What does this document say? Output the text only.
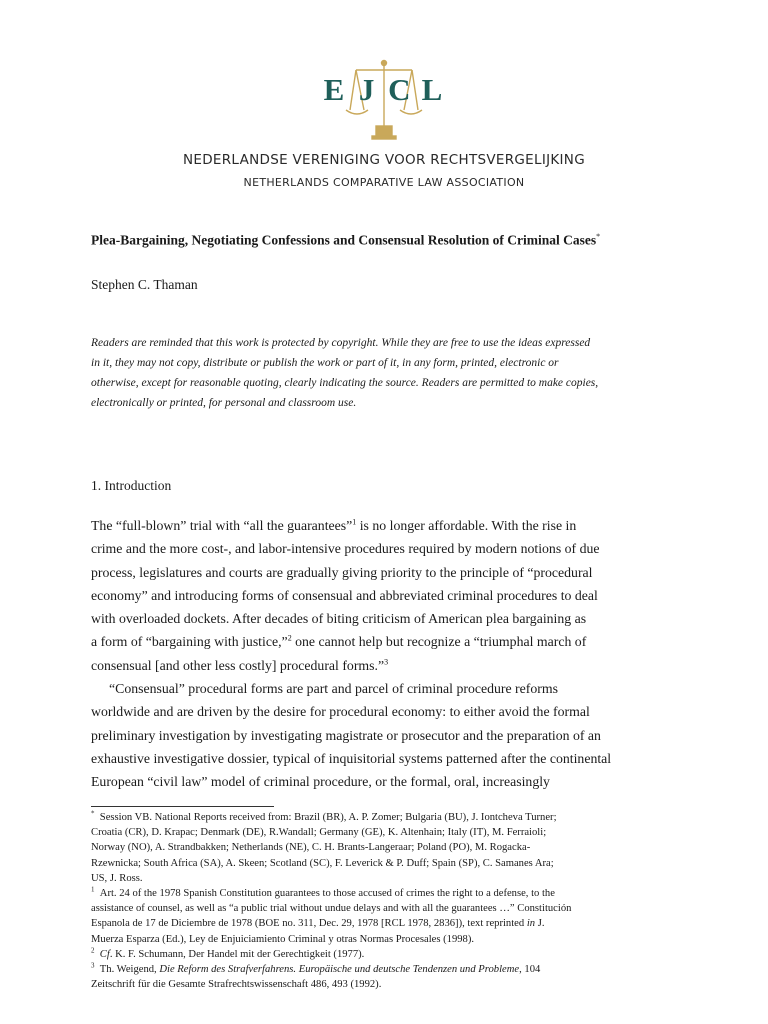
E J C L
NEDERLANDSE VERENIGING VOOR RECHTSVERGELIJKING
NETHERLANDS COMPARATIVE LAW ASSOCIATION
Plea-Bargaining, Negotiating Confessions and Consensual Resolution of Criminal Cases*
Stephen C. Thaman
Readers are reminded that this work is protected by copyright. While they are free to use the ideas expressed
in it, they may not copy, distribute or publish the work or part of it, in any form, printed, electronic or
otherwise, except for reasonable quoting, clearly indicating the source. Readers are permitted to make copies,
electronically or printed, for personal and classroom use.
1. Introduction
The “full-blown” trial with “all the guarantees”$^1$ is no longer affordable. With the rise in
crime and the more cost-, and labor-intensive procedures required by modern notions of due
process, legislatures and courts are gradually giving priority to the principle of “procedural
economy” and introducing forms of consensual and abbreviated criminal procedures to deal
with overloaded dockets. After decades of biting criticism of American plea bargaining as
a form of “bargaining with justice,”$^2$ one cannot help but recognize a “triumphal march of
consensual [and other less costly] procedural forms.”$^3$
“Consensual” procedural forms are part and parcel of criminal procedure reforms
worldwide and are driven by the desire for procedural economy: to either avoid the formal
preliminary investigation by investigating magistrate or prosecutor and the preparation of an
exhaustive investigative dossier, typical of inquisitorial systems patterned after the continental
European “civil law” model of criminal procedure, or the formal, oral, increasingly
* Session VB. National Reports received from: Brazil (BR), A. P. Zomer; Bulgaria (BU), J. Iontcheva Turner;
Croatia (CR), D. Krapac; Denmark (DE), R.Wandall; Germany (GE), K. Altenhain; Italy (IT), M. Ferraioli;
Norway (NO), A. Strandbakken; Netherlands (NE), C. H. Brants-Langeraar; Poland (PO), M. Rogacka-
Rzewnicka; South Africa (SA), A. Skeen; Scotland (SC), F. Leverick & P. Duff; Spain (SP), C. Samanes Ara;
US, J. Ross.
$^1$ Art. 24 of the 1978 Spanish Constitution guarantees to those accused of crimes the right to a defense, to the
assistance of counsel, as well as “a public trial without undue delays and with all the guarantees …” Constitución
Espanola de 17 de Diciembre de 1978 (BOE no. 311, Dec. 29, 1978 [RCL 1978, 2836]), text reprinted in J.
Muerza Esparza (Ed.), Ley de Enjuiciamiento Criminal y otras Normas Procesales (1998).
$^2$ Cf. K. F. Schumann, Der Handel mit der Gerechtigkeit (1977).
$^3$ Th. Weigend, Die Reform des Strafverfahrens. Europäische und deutsche Tendenzen und Probleme, 104
Zeitschrift für die Gesamte Strafrechtswissenschaft 486, 493 (1992).
